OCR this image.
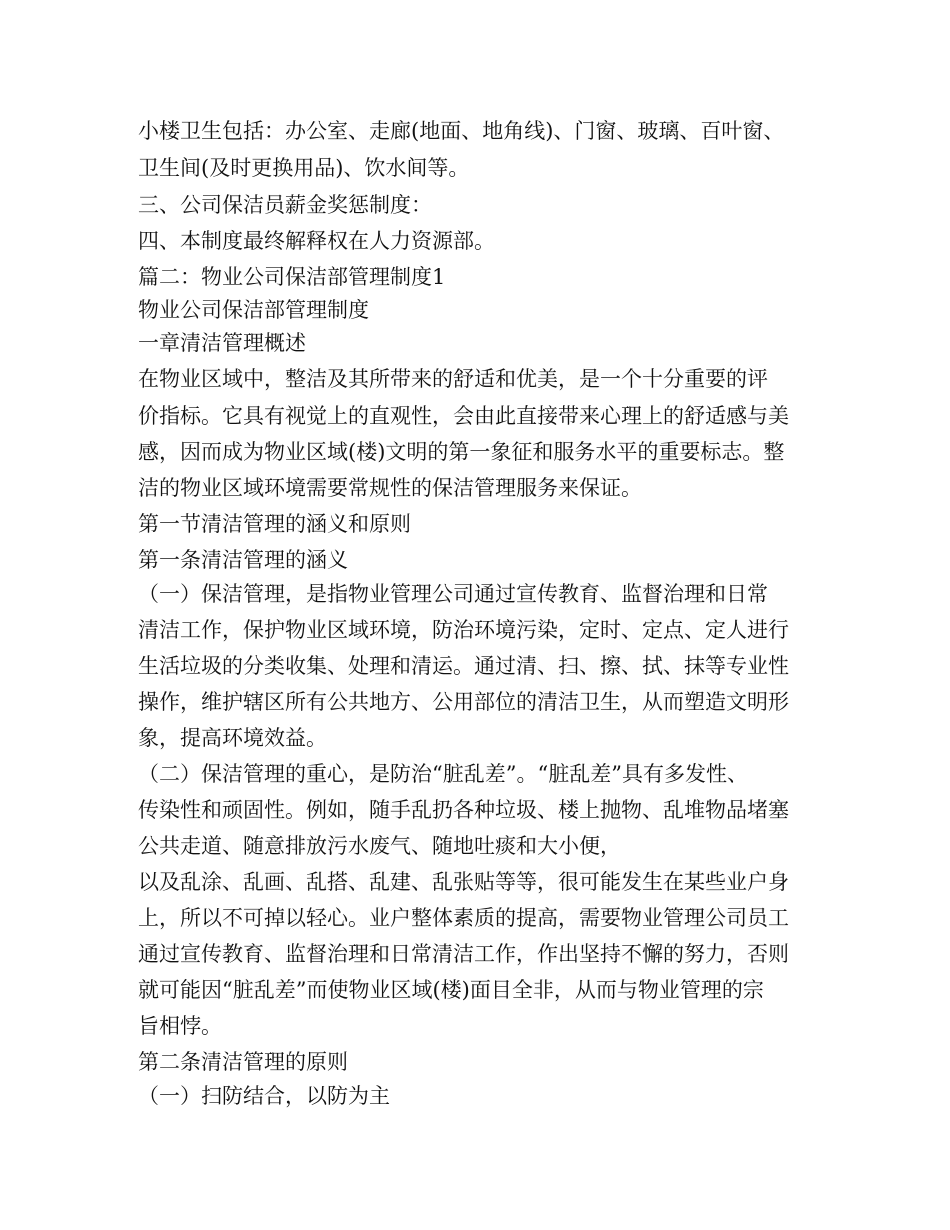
小楼卫生包括：办公室、走廊(地面、地角线)、门窗、玻璃、百叶窗、
卫生间(及时更换用品)、饮水间等。
三、公司保洁员薪金奖惩制度：
四、本制度最终解释权在人力资源部。
篇二：物业公司保洁部管理制度1
物业公司保洁部管理制度
一章清洁管理概述
在物业区域中，整洁及其所带来的舒适和优美，是一个十分重要的评
价指标。它具有视觉上的直观性，会由此直接带来心理上的舒适感与美
感，因而成为物业区域(楼)文明的第一象征和服务水平的重要标志。整
洁的物业区域环境需要常规性的保洁管理服务来保证。
第一节清洁管理的涵义和原则
第一条清洁管理的涵义
（一）保洁管理，是指物业管理公司通过宣传教育、监督治理和日常
清洁工作，保护物业区域环境，防治环境污染，定时、定点、定人进行
生活垃圾的分类收集、处理和清运。通过清、扫、擦、拭、抹等专业性
操作，维护辖区所有公共地方、公用部位的清洁卫生，从而塑造文明形
象，提高环境效益。
（二）保洁管理的重心，是防治“脏乱差”。“脏乱差”具有多发性、
传染性和顽固性。例如，随手乱扔各种垃圾、楼上抛物、乱堆物品堵塞
公共走道、随意排放污水废气、随地吐痰和大小便，
以及乱涂、乱画、乱搭、乱建、乱张贴等等，很可能发生在某些业户身
上，所以不可掉以轻心。业户整体素质的提高，需要物业管理公司员工
通过宣传教育、监督治理和日常清洁工作，作出坚持不懈的努力，否则
就可能因“脏乱差”而使物业区域(楼)面目全非，从而与物业管理的宗
旨相悖。
第二条清洁管理的原则
（一）扫防结合，以防为主
